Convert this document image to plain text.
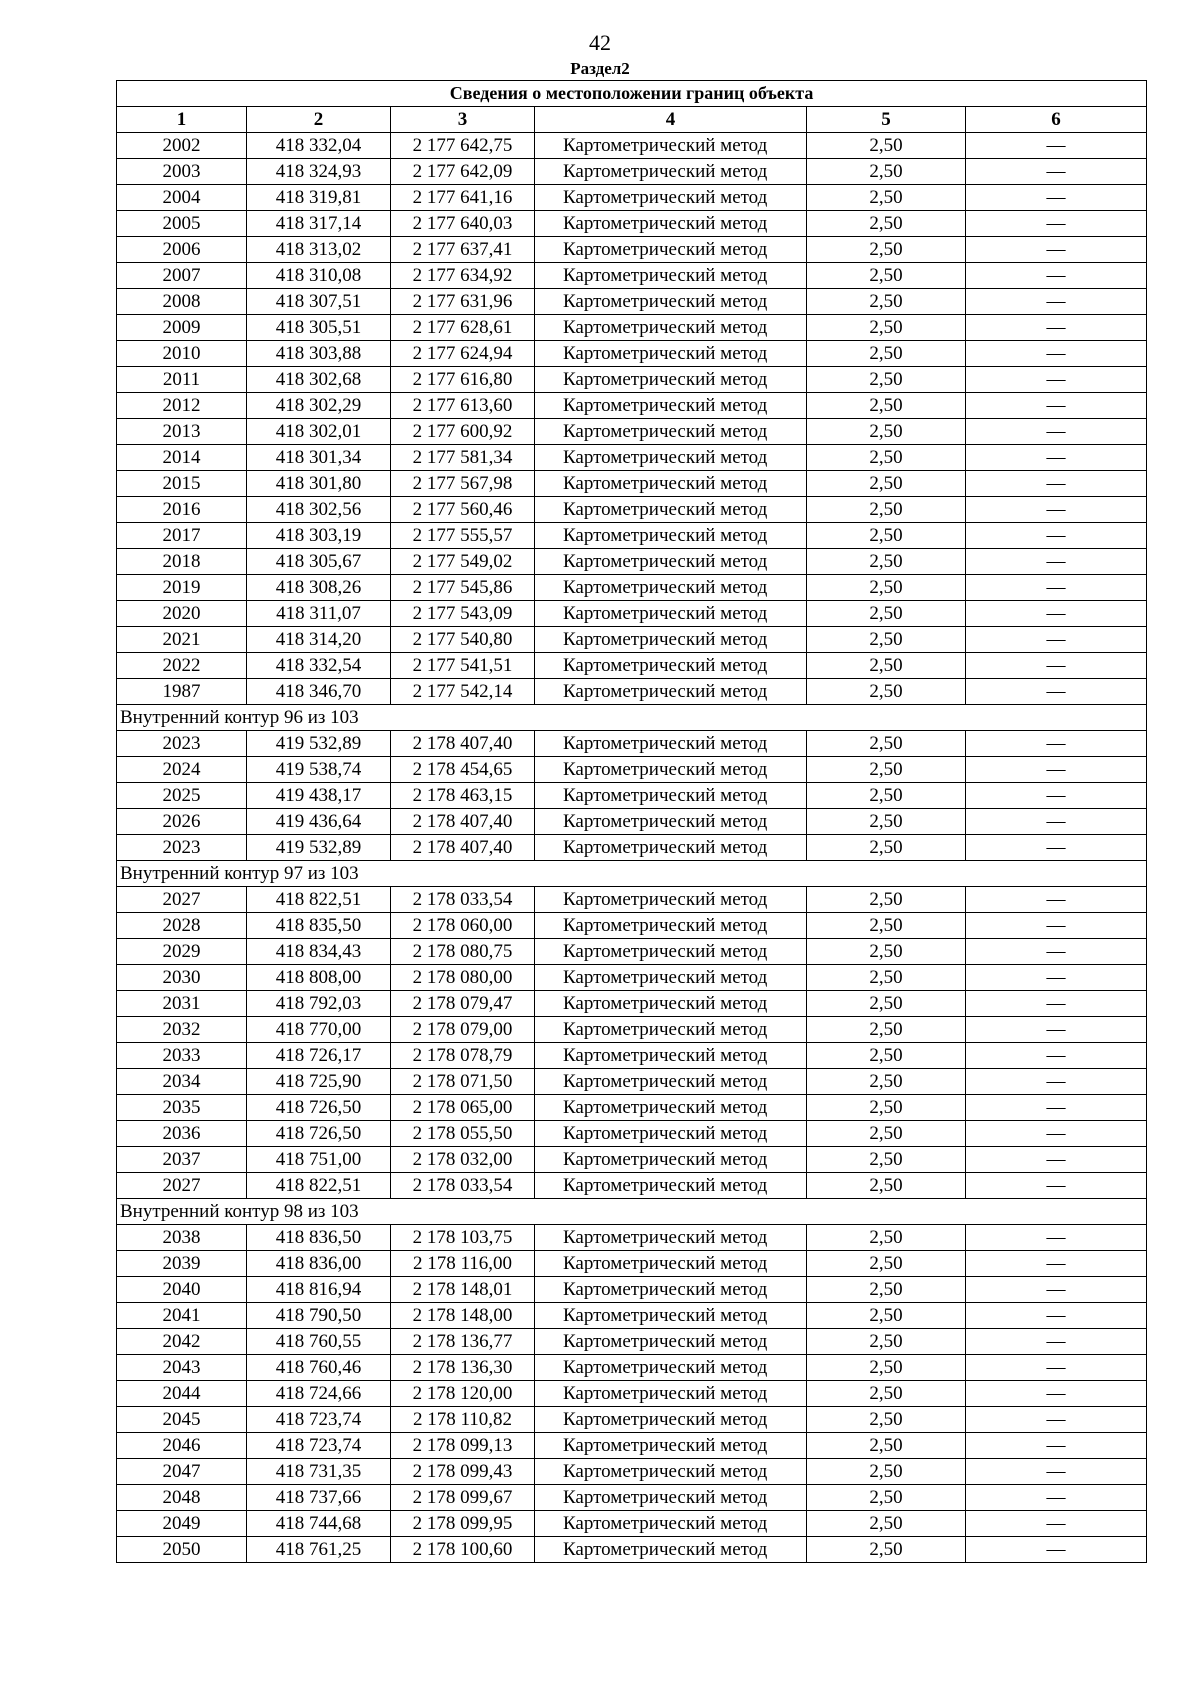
42
Раздел2
Сведения о местоположении границ объекта					
1	2	3	4	5	6
2002	418 332,04	2 177 642,75	Картометрический метод	2,50	—
2003	418 324,93	2 177 642,09	Картометрический метод	2,50	—
2004	418 319,81	2 177 641,16	Картометрический метод	2,50	—
2005	418 317,14	2 177 640,03	Картометрический метод	2,50	—
2006	418 313,02	2 177 637,41	Картометрический метод	2,50	—
2007	418 310,08	2 177 634,92	Картометрический метод	2,50	—
2008	418 307,51	2 177 631,96	Картометрический метод	2,50	—
2009	418 305,51	2 177 628,61	Картометрический метод	2,50	—
2010	418 303,88	2 177 624,94	Картометрический метод	2,50	—
2011	418 302,68	2 177 616,80	Картометрический метод	2,50	—
2012	418 302,29	2 177 613,60	Картометрический метод	2,50	—
2013	418 302,01	2 177 600,92	Картометрический метод	2,50	—
2014	418 301,34	2 177 581,34	Картометрический метод	2,50	—
2015	418 301,80	2 177 567,98	Картометрический метод	2,50	—
2016	418 302,56	2 177 560,46	Картометрический метод	2,50	—
2017	418 303,19	2 177 555,57	Картометрический метод	2,50	—
2018	418 305,67	2 177 549,02	Картометрический метод	2,50	—
2019	418 308,26	2 177 545,86	Картометрический метод	2,50	—
2020	418 311,07	2 177 543,09	Картометрический метод	2,50	—
2021	418 314,20	2 177 540,80	Картометрический метод	2,50	—
2022	418 332,54	2 177 541,51	Картометрический метод	2,50	—
1987	418 346,70	2 177 542,14	Картометрический метод	2,50	—
Внутренний контур 96 из 103					
2023	419 532,89	2 178 407,40	Картометрический метод	2,50	—
2024	419 538,74	2 178 454,65	Картометрический метод	2,50	—
2025	419 438,17	2 178 463,15	Картометрический метод	2,50	—
2026	419 436,64	2 178 407,40	Картометрический метод	2,50	—
2023	419 532,89	2 178 407,40	Картометрический метод	2,50	—
Внутренний контур 97 из 103					
2027	418 822,51	2 178 033,54	Картометрический метод	2,50	—
2028	418 835,50	2 178 060,00	Картометрический метод	2,50	—
2029	418 834,43	2 178 080,75	Картометрический метод	2,50	—
2030	418 808,00	2 178 080,00	Картометрический метод	2,50	—
2031	418 792,03	2 178 079,47	Картометрический метод	2,50	—
2032	418 770,00	2 178 079,00	Картометрический метод	2,50	—
2033	418 726,17	2 178 078,79	Картометрический метод	2,50	—
2034	418 725,90	2 178 071,50	Картометрический метод	2,50	—
2035	418 726,50	2 178 065,00	Картометрический метод	2,50	—
2036	418 726,50	2 178 055,50	Картометрический метод	2,50	—
2037	418 751,00	2 178 032,00	Картометрический метод	2,50	—
2027	418 822,51	2 178 033,54	Картометрический метод	2,50	—
Внутренний контур 98 из 103					
2038	418 836,50	2 178 103,75	Картометрический метод	2,50	—
2039	418 836,00	2 178 116,00	Картометрический метод	2,50	—
2040	418 816,94	2 178 148,01	Картометрический метод	2,50	—
2041	418 790,50	2 178 148,00	Картометрический метод	2,50	—
2042	418 760,55	2 178 136,77	Картометрический метод	2,50	—
2043	418 760,46	2 178 136,30	Картометрический метод	2,50	—
2044	418 724,66	2 178 120,00	Картометрический метод	2,50	—
2045	418 723,74	2 178 110,82	Картометрический метод	2,50	—
2046	418 723,74	2 178 099,13	Картометрический метод	2,50	—
2047	418 731,35	2 178 099,43	Картометрический метод	2,50	—
2048	418 737,66	2 178 099,67	Картометрический метод	2,50	—
2049	418 744,68	2 178 099,95	Картометрический метод	2,50	—
2050	418 761,25	2 178 100,60	Картометрический метод	2,50	—
